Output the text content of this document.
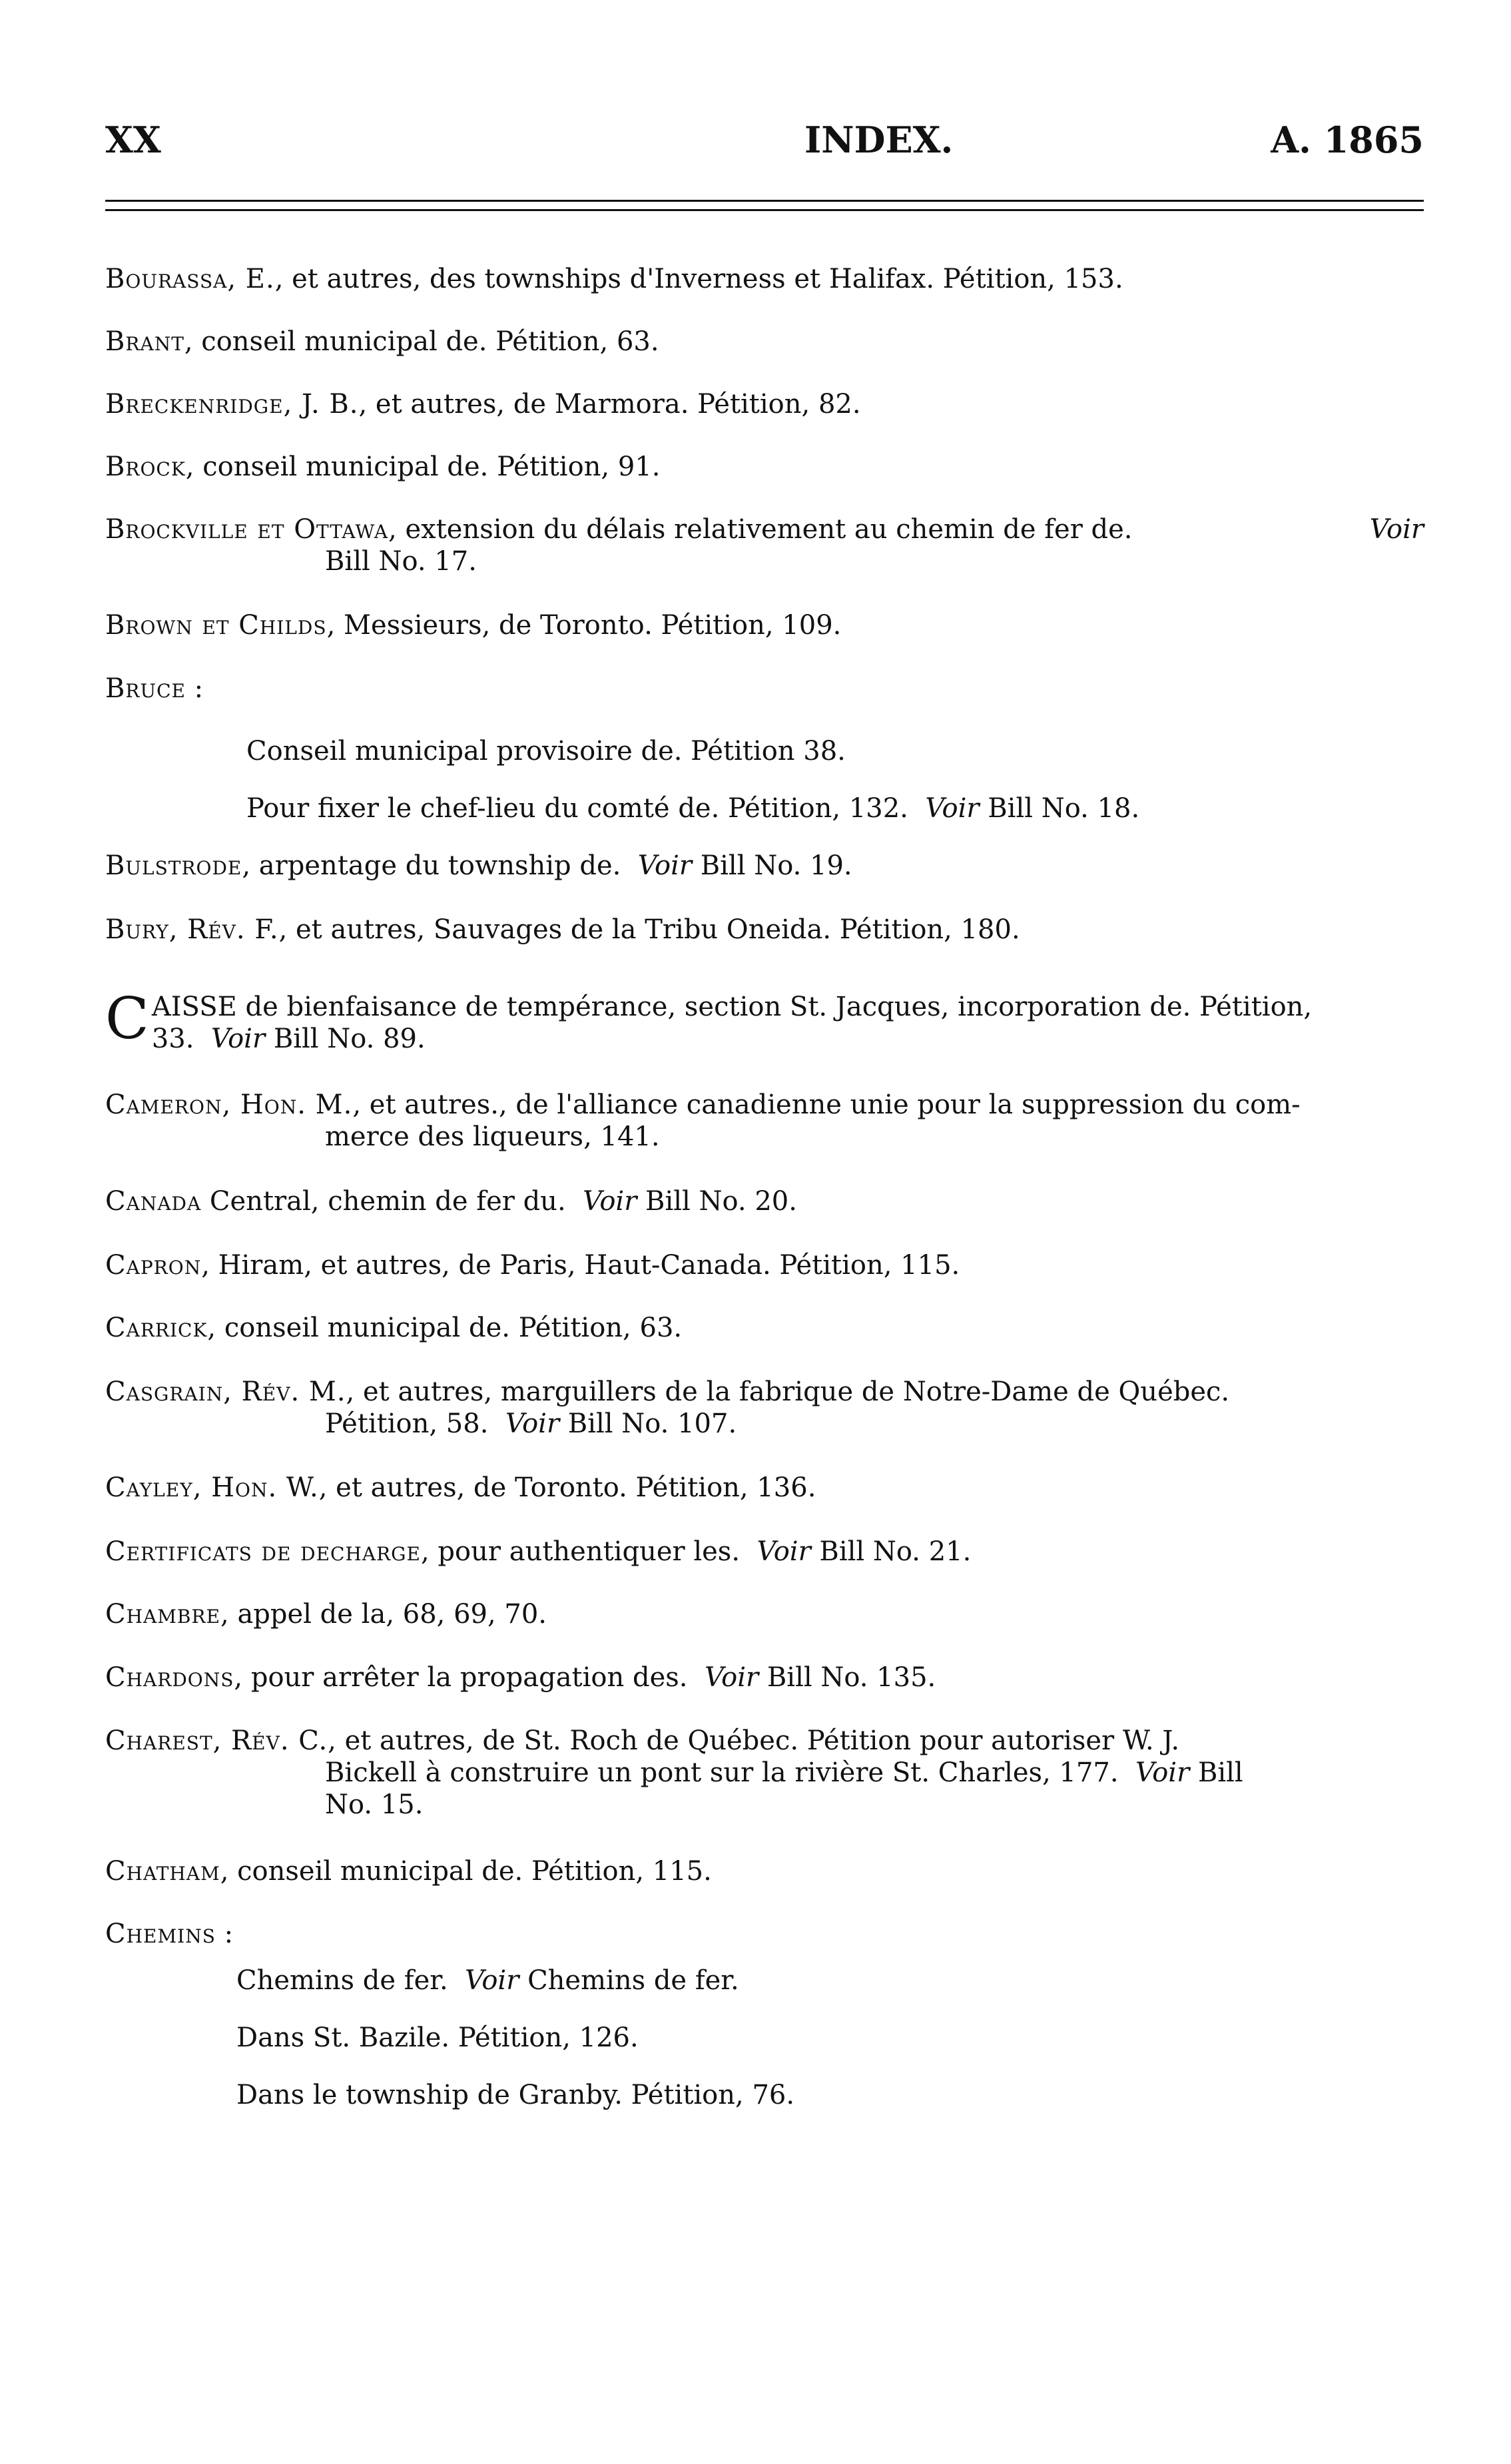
XX	INDEX.	A. 1865
Bourassa, E., et autres, des townships d'Inverness et Halifax. Pétition, 153.
Brant, conseil municipal de. Pétition, 63.
Breckenridge, J. B., et autres, de Marmora. Pétition, 82.
Brock, conseil municipal de. Pétition, 91.
Brockville et Ottawa, extension du délais relativement au chemin de fer de.	Voir
Bill No. 17.
Brown et Childs, Messieurs, de Toronto. Pétition, 109.
Bruce :
Conseil municipal provisoire de. Pétition 38.
Pour fixer le chef-lieu du comté de. Pétition, 132. Voir Bill No. 18.
Bulstrode, arpentage du township de. Voir Bill No. 19.
Bury, Rév. F., et autres, Sauvages de la Tribu Oneida. Pétition, 180.
C AISSE de bienfaisance de tempérance, section St. Jacques, incorporation de. Pétition,
33. Voir Bill No. 89.
Cameron, Hon. M., et autres., de l'alliance canadienne unie pour la suppression du com-
merce des liqueurs, 141.
Canada Central, chemin de fer du. Voir Bill No. 20.
Capron, Hiram, et autres, de Paris, Haut-Canada. Pétition, 115.
Carrick, conseil municipal de. Pétition, 63.
Casgrain, Rév. M., et autres, marguillers de la fabrique de Notre-Dame de Québec.
Pétition, 58. Voir Bill No. 107.
Cayley, Hon. W., et autres, de Toronto. Pétition, 136.
Certificats de decharge, pour authentiquer les. Voir Bill No. 21.
Chambre, appel de la, 68, 69, 70.
Chardons, pour arrêter la propagation des. Voir Bill No. 135.
Charest, Rév. C., et autres, de St. Roch de Québec. Pétition pour autoriser W. J.
Bickell à construire un pont sur la rivière St. Charles, 177. Voir Bill
No. 15.
Chatham, conseil municipal de. Pétition, 115.
Chemins :
Chemins de fer. Voir Chemins de fer.
Dans St. Bazile. Pétition, 126.
Dans le township de Granby. Pétition, 76.
